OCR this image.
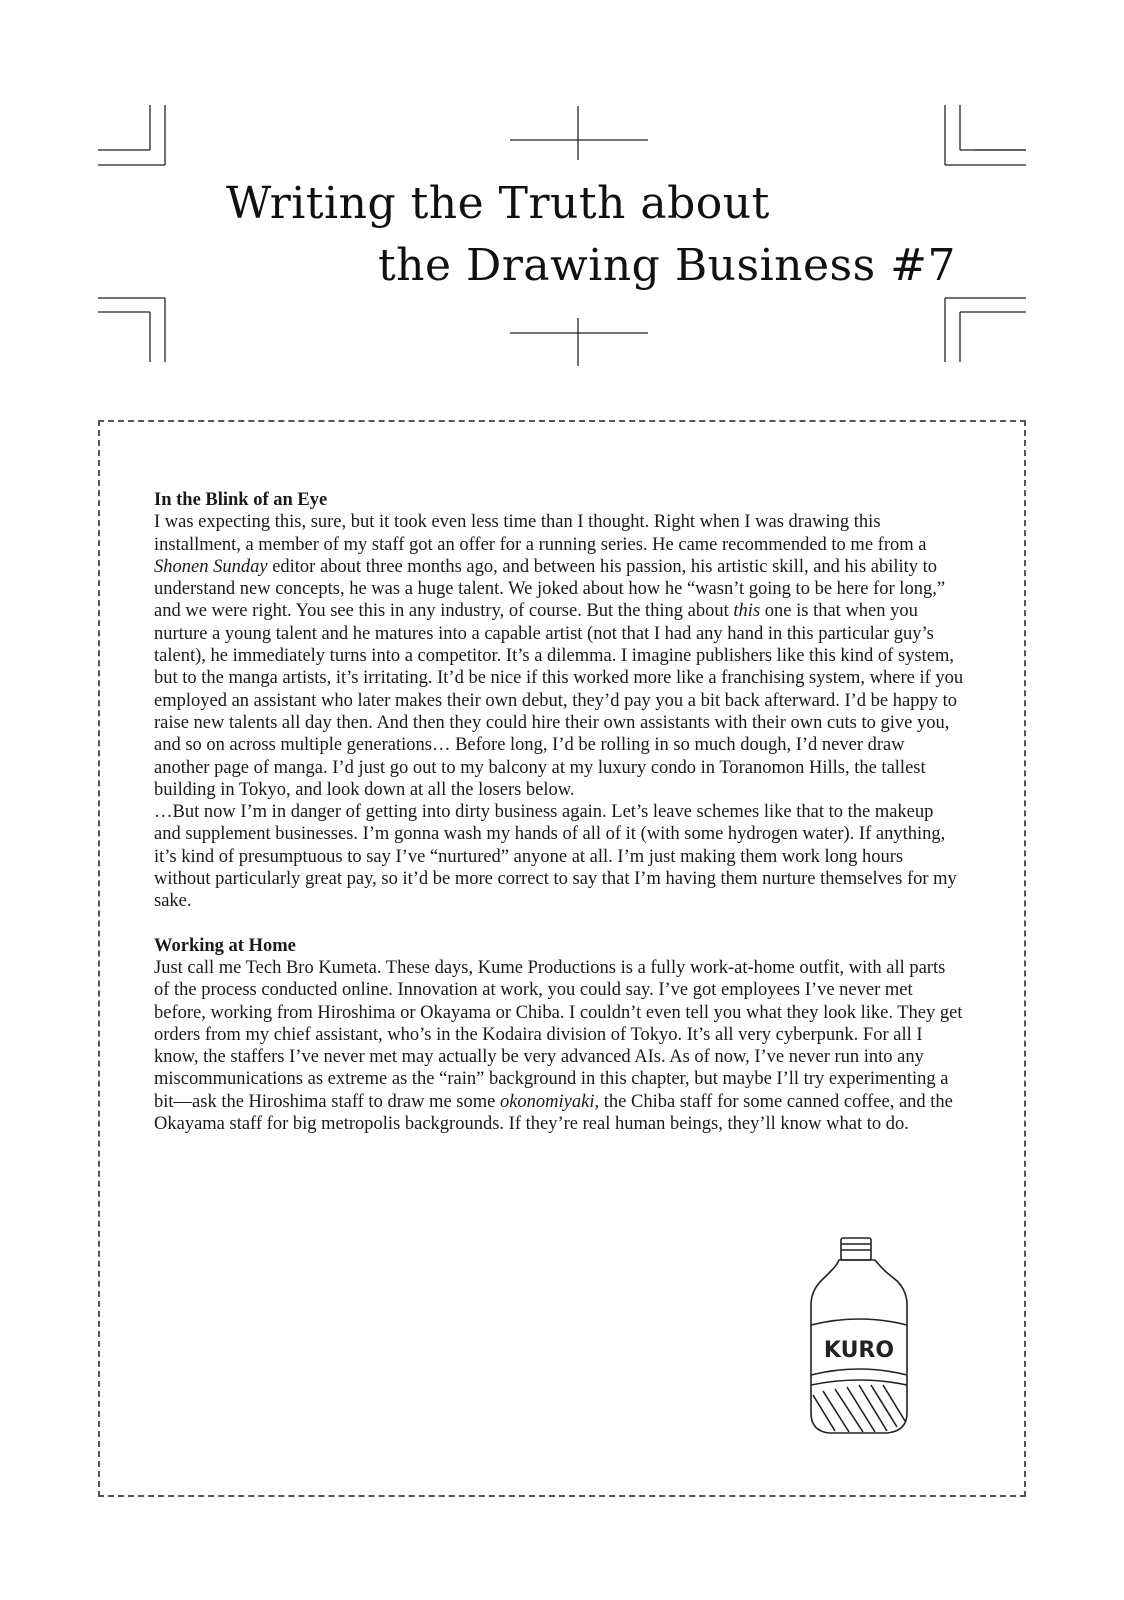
Writing the Truth about
the Drawing Business #7
In the Blink of an Eye

I was expecting this, sure, but it took even less time than I thought. Right when I was drawing this installment, a member of my staff got an offer for a running series. He came recommended to me from a Shonen Sunday editor about three months ago, and between his passion, his artistic skill, and his ability to understand new concepts, he was a huge talent. We joked about how he “wasn’t going to be here for long,” and we were right. You see this in any industry, of course. But the thing about this one is that when you nurture a young talent and he matures into a capable artist (not that I had any hand in this particular guy’s talent), he immediately turns into a competitor. It’s a dilemma. I imagine publishers like this kind of system, but to the manga artists, it’s irritating. It’d be nice if this worked more like a franchising system, where if you employed an assistant who later makes their own debut, they’d pay you a bit back afterward. I’d be happy to raise new talents all day then. And then they could hire their own assistants with their own cuts to give you, and so on across multiple generations… Before long, I’d be rolling in so much dough, I’d never draw another page of manga. I’d just go out to my balcony at my luxury condo in Toranomon Hills, the tallest building in Tokyo, and look down at all the losers below.

…But now I’m in danger of getting into dirty business again. Let’s leave schemes like that to the makeup and supplement businesses. I’m gonna wash my hands of all of it (with some hydrogen water). If anything, it’s kind of presumptuous to say I’ve “nurtured” anyone at all. I’m just making them work long hours without particularly great pay, so it’d be more correct to say that I’m having them nurture themselves for my sake.

Working at Home

Just call me Tech Bro Kumeta. These days, Kume Productions is a fully work-at-home outfit, with all parts of the process conducted online. Innovation at work, you could say. I’ve got employees I’ve never met before, working from Hiroshima or Okayama or Chiba. I couldn’t even tell you what they look like. They get orders from my chief assistant, who’s in the Kodaira division of Tokyo. It’s all very cyberpunk. For all I know, the staffers I’ve never met may actually be very advanced AIs. As of now, I’ve never run into any miscommunications as extreme as the “rain” background in this chapter, but maybe I’ll try experimenting a bit—ask the Hiroshima staff to draw me some okonomiyaki, the Chiba staff for some canned coffee, and the Okayama staff for big metropolis backgrounds. If they’re real human beings, they’ll know what to do.

KURO
